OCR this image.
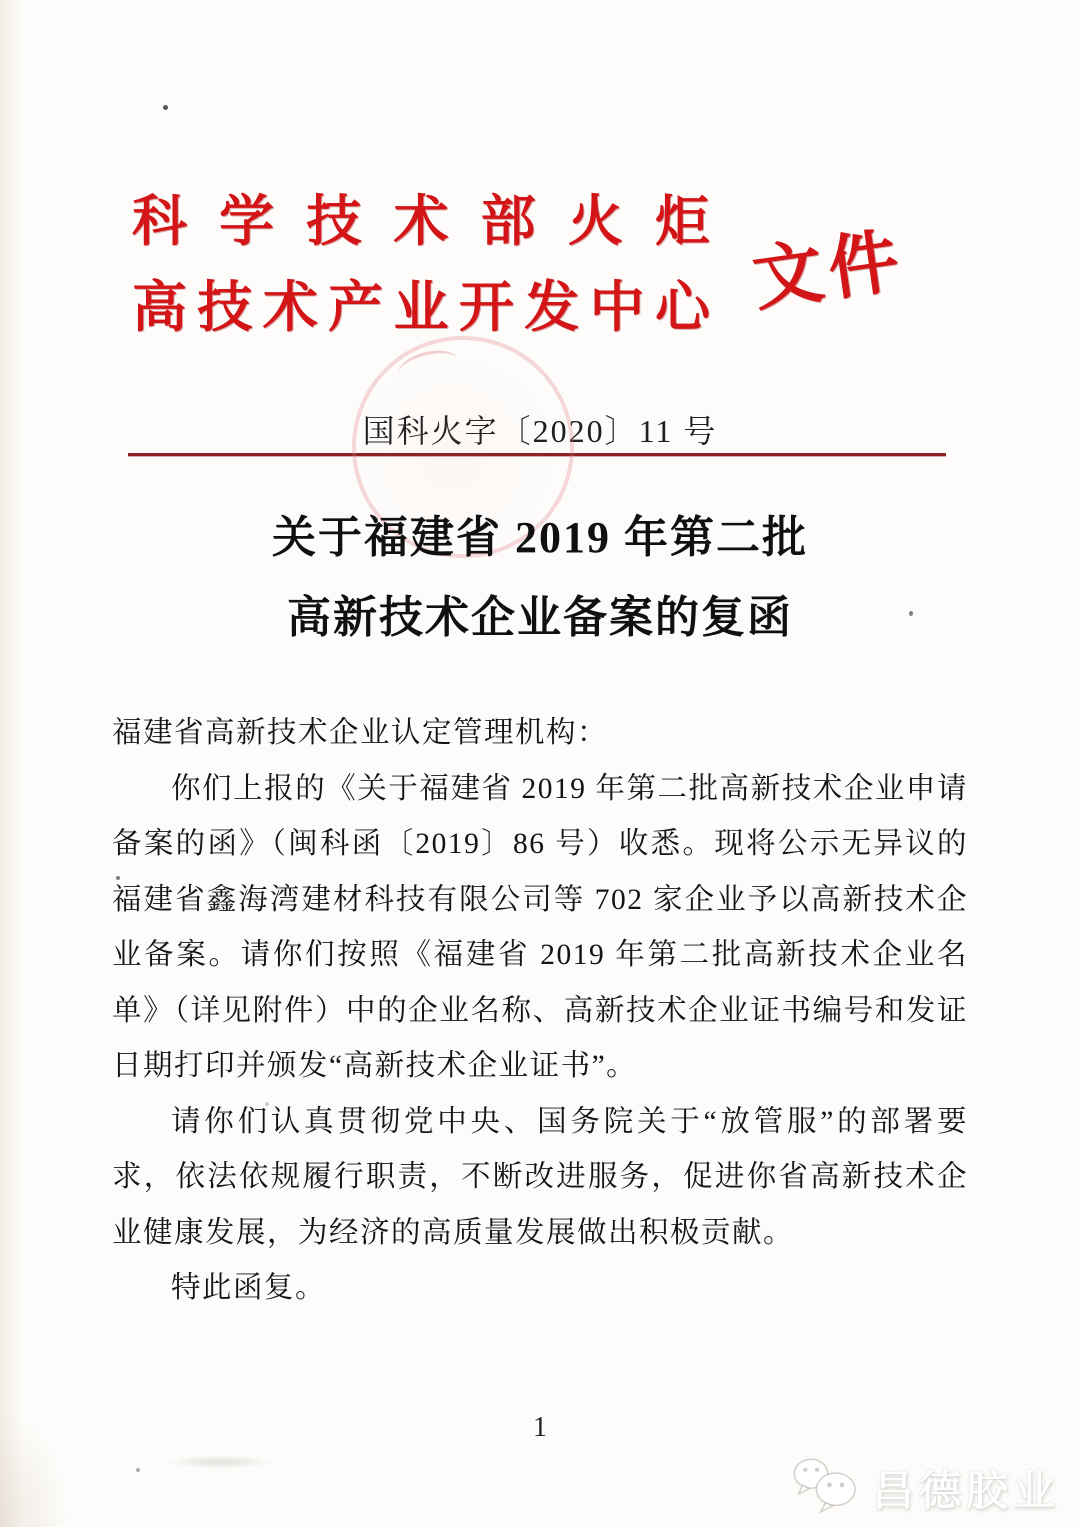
科学技术部火炬
高技术产业开发中心 文件
国科火字〔2020〕11 号
关于福建省 2019 年第二批
高新技术企业备案的复函

福建省高新技术企业认定管理机构：

你们上报的《关于福建省 2019 年第二批高新技术企业申请备案的函》（闽科函〔2019〕86 号）收悉。现将公示无异议的福建省鑫海湾建材科技有限公司等 702 家企业予以高新技术企业备案。请你们按照《福建省 2019 年第二批高新技术企业名单》（详见附件）中的企业名称、高新技术企业证书编号和发证日期打印并颁发“高新技术企业证书”。

请你们认真贯彻党中央、国务院关于“放管服”的部署要求，依法依规履行职责，不断改进服务，促进你省高新技术企业健康发展，为经济的高质量发展做出积极贡献。

特此函复。

1
昌德胶业
